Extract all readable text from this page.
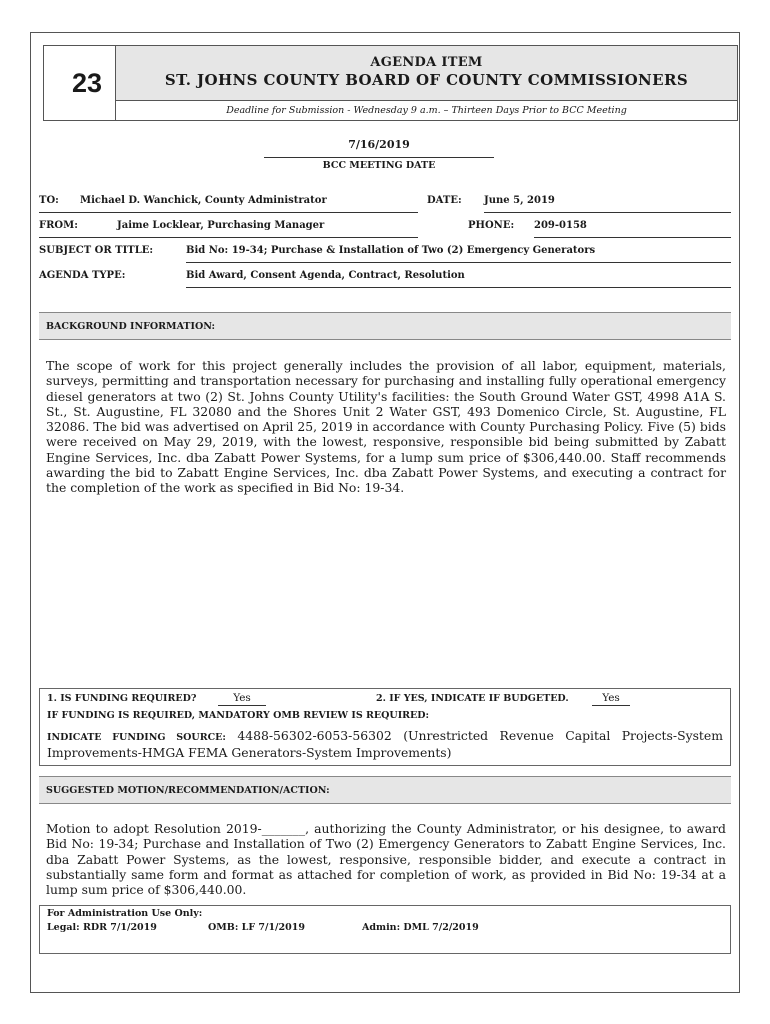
23
AGENDA ITEM
ST. JOHNS COUNTY BOARD OF COUNTY COMMISSIONERS
Deadline for Submission - Wednesday 9 a.m. – Thirteen Days Prior to BCC Meeting
7/16/2019
BCC MEETING DATE
TO: Michael D. Wanchick, County Administrator	DATE: June 5, 2019
FROM:	Jaime Locklear, Purchasing Manager	PHONE: 209-0158
SUBJECT OR TITLE:	Bid No: 19-34; Purchase & Installation of Two (2) Emergency Generators
AGENDA TYPE:	Bid Award, Consent Agenda, Contract, Resolution
BACKGROUND INFORMATION:
The scope of work for this project generally includes the provision of all labor, equipment, materials, surveys, permitting and transportation necessary for purchasing and installing fully operational emergency diesel generators at two (2) St. Johns County Utility's facilities: the South Ground Water GST, 4998 A1A S. St., St. Augustine, FL 32080 and the Shores Unit 2 Water GST, 493 Domenico Circle, St. Augustine, FL 32086. The bid was advertised on April 25, 2019 in accordance with County Purchasing Policy. Five (5) bids were received on May 29, 2019, with the lowest, responsive, responsible bid being submitted by Zabatt Engine Services, Inc. dba Zabatt Power Systems, for a lump sum price of $306,440.00. Staff recommends awarding the bid to Zabatt Engine Services, Inc. dba Zabatt Power Systems, and executing a contract for the completion of the work as specified in Bid No: 19-34.
1. IS FUNDING REQUIRED?	Yes	2. IF YES, INDICATE IF BUDGETED.	Yes
IF FUNDING IS REQUIRED, MANDATORY OMB REVIEW IS REQUIRED:
INDICATE FUNDING SOURCE: 4488-56302-6053-56302 (Unrestricted Revenue Capital Projects-System Improvements-HMGA FEMA Generators-System Improvements)
SUGGESTED MOTION/RECOMMENDATION/ACTION:
Motion to adopt Resolution 2019-_______, authorizing the County Administrator, or his designee, to award Bid No: 19-34; Purchase and Installation of Two (2) Emergency Generators to Zabatt Engine Services, Inc. dba Zabatt Power Systems, as the lowest, responsive, responsible bidder, and execute a contract in substantially same form and format as attached for completion of work, as provided in Bid No: 19-34 at a lump sum price of $306,440.00.
For Administration Use Only:
Legal: RDR 7/1/2019	OMB: LF 7/1/2019	Admin: DML 7/2/2019
